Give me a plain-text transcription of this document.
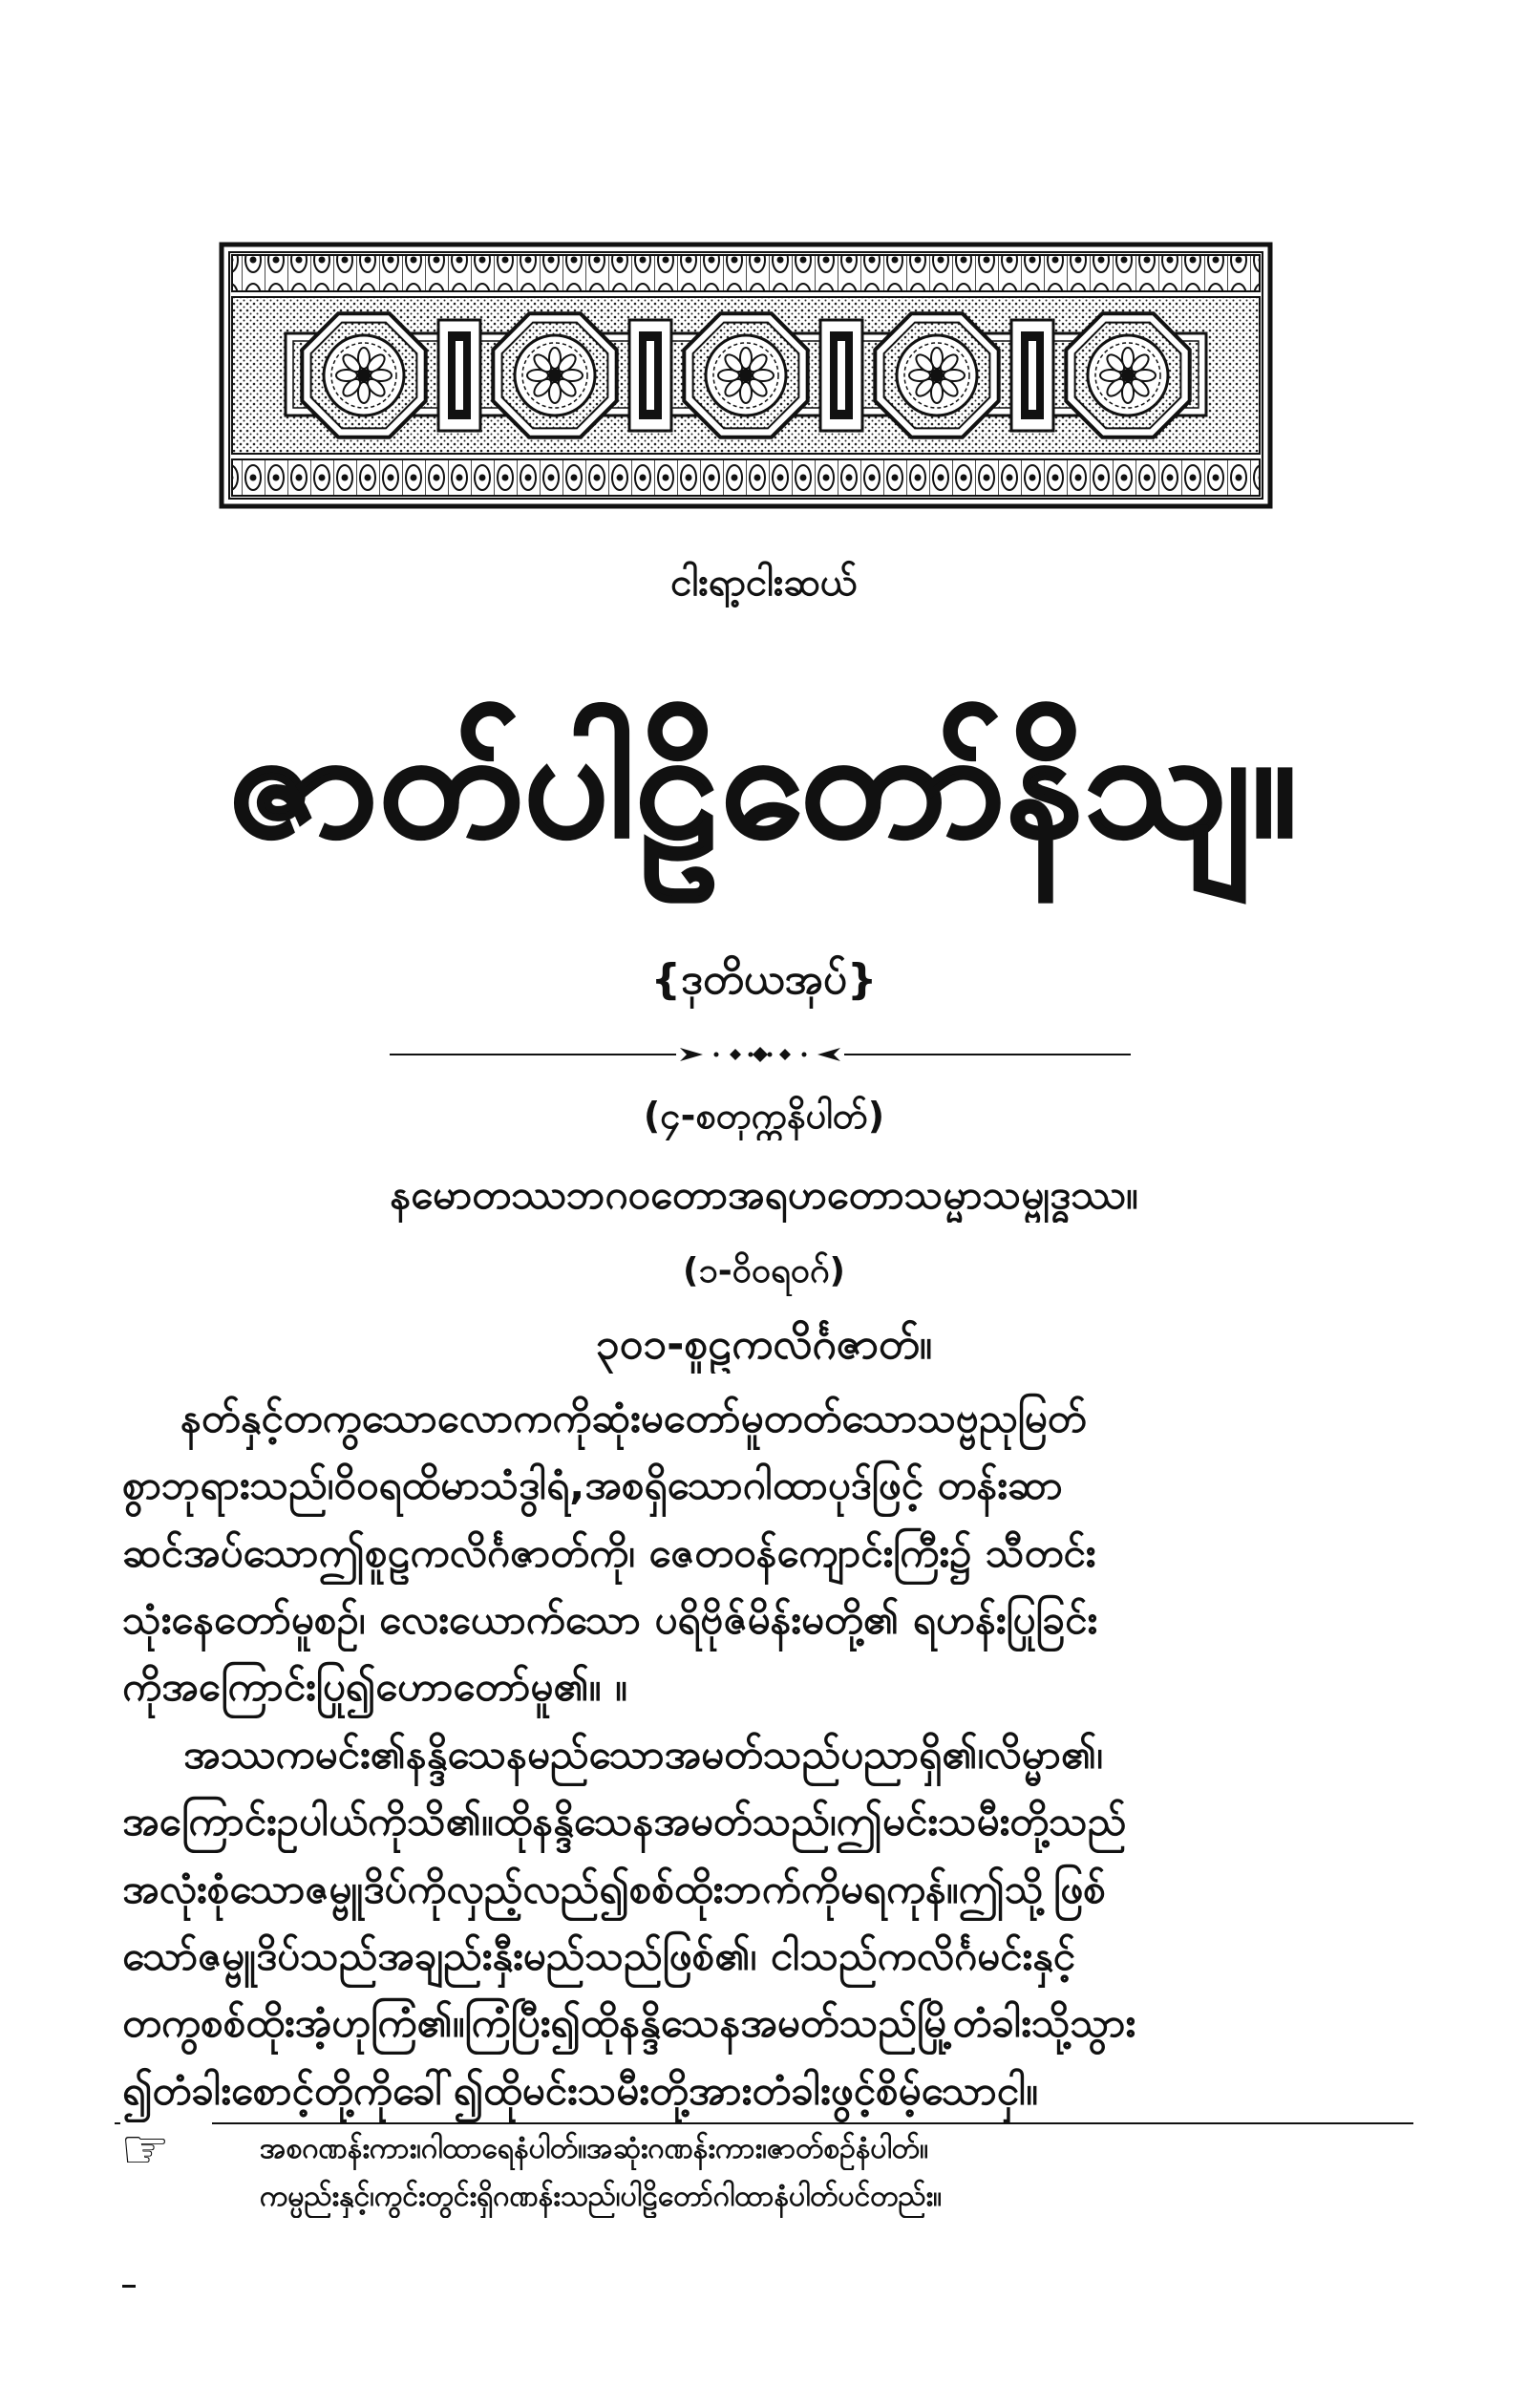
ငါးရာ့ငါးဆယ်
ဇာတ်ပါဠိတော်နိသျ။
{ဒုတိယအုပ်}
(၄-စတုက္ကနိပါတ်)
နမောတဿဘဂဝတောအရဟတောသမ္မာသမ္ဗုဒ္ဓဿ။
(၁-ဝိဝရဝဂ်)
၃၀၁-စူဠကလိင်္ဂဇာတ်။
နတ်နှင့်တကွသောလောကကိုဆုံးမတော်မူတတ်သောသဗ္ဗညုမြတ်
စွာဘုရားသည်၊ဝိဝရထိမာသံဒွါရံ,အစရှိသောဂါထာပုဒ်ဖြင့် တန်းဆာ
ဆင်အပ်သောဤစူဠကလိင်္ဂဇာတ်ကို၊ ဇေတဝန်ကျောင်းကြီး၌ သီတင်း
သုံးနေတော်မူစဉ်၊ လေးယောက်သော ပရိဗိုဇ်မိန်းမတို့၏ ရဟန်းပြုခြင်း
ကိုအကြောင်းပြု၍ဟောတော်မူ၏။ ။
အဿကမင်း၏နန္ဒိသေနမည်သောအမတ်သည်ပညာရှိ၏၊လိမ္မာ၏၊
အကြောင်းဥပါယ်ကိုသိ၏။ထိုနန္ဒိသေနအမတ်သည်၊ဤမင်းသမီးတို့သည်
အလုံးစုံသောဇမ္ဗူဒိပ်ကိုလှည့်လည်၍စစ်ထိုးဘက်ကိုမရကုန်။ဤသို့ဖြစ်
သော်ဇမ္ဗူဒိပ်သည်အချည်းနှီးမည်သည်ဖြစ်၏၊ ငါသည်ကလိင်္ဂမင်းနှင့်
တကွစစ်ထိုးအံ့ဟုကြံ၏။ကြံပြီး၍ထိုနန္ဒိသေနအမတ်သည်မြို့တံခါးသို့သွား
၍တံခါးစောင့်တို့ကိုခေါ်၍ထိုမင်းသမီးတို့အားတံခါးဖွင့်စိမ့်သောငှါ။
☞
အစဂဏန်းကား၊ဂါထာရေနံပါတ်။အဆုံးဂဏန်းကား၊ဇာတ်စဉ်နံပါတ်။
ကမ္ပည်းနှင့်၊ကွင်းတွင်းရှိဂဏန်းသည်၊ပါဠိတော်ဂါထာနံပါတ်ပင်တည်း။
